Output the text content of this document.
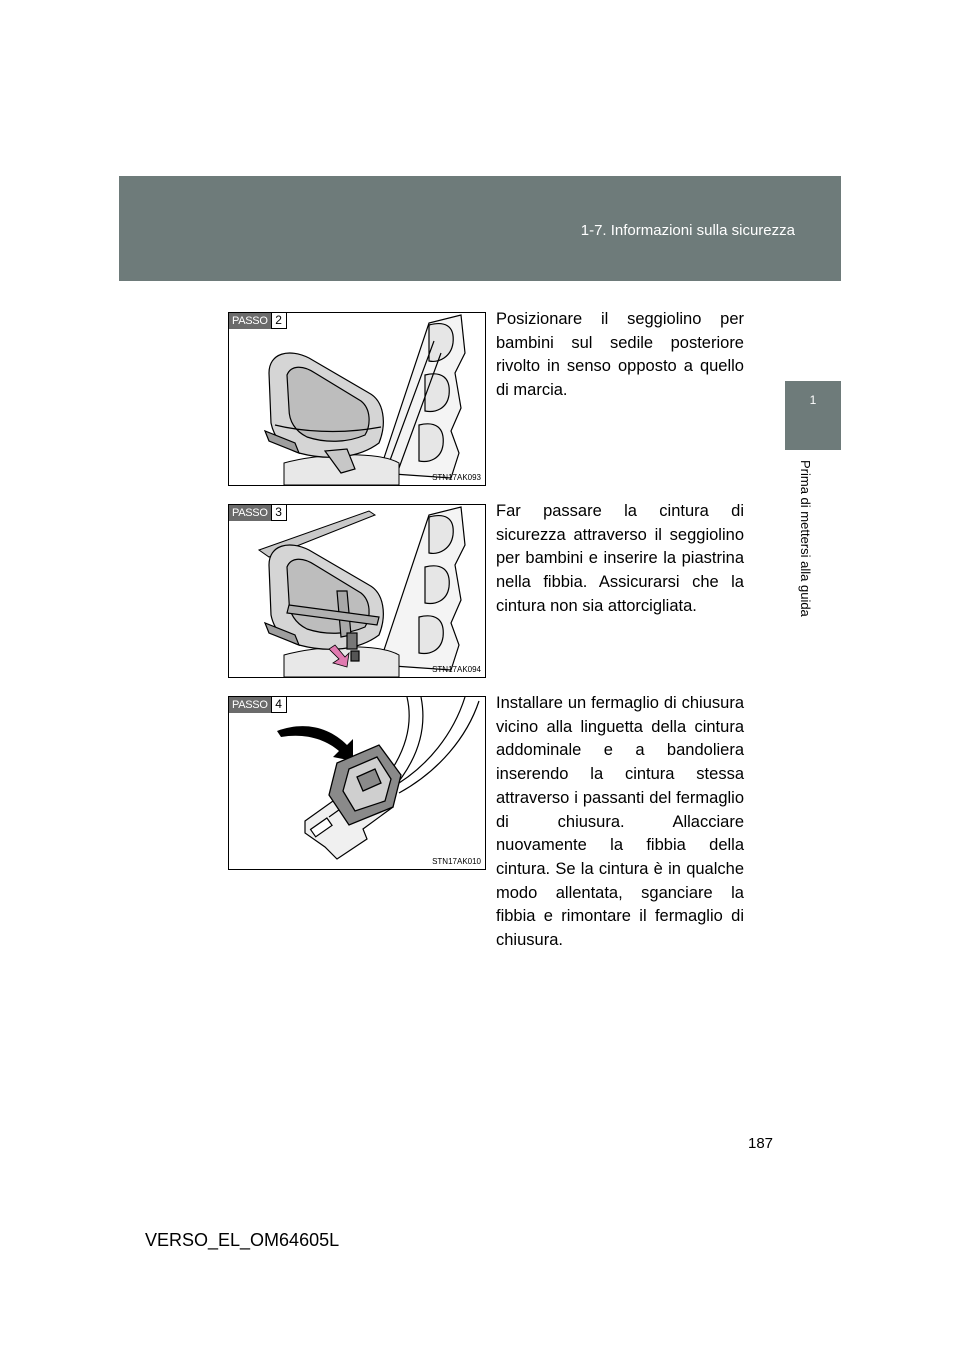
1-7. Informazioni sulla sicurezza
1
Prima di mettersi alla guida
PASSO 2
STN17AK093
Posizionare il seggiolino per bambini sul sedile posteriore rivolto in senso opposto a quello di marcia.
PASSO 3
STN17AK094
Far passare la cintura di sicurezza attraverso il seggiolino per bambini e inserire la piastrina nella fibbia. Assicurarsi che la cintura non sia attorcigliata.
PASSO 4
STN17AK010
Installare un fermaglio di chiusura vicino alla linguetta della cintura addominale e a bandoliera inserendo la cintura stessa attraverso i passanti del fermaglio di chiusura. Allacciare nuovamente la fibbia della cintura. Se la cintura è in qualche modo allentata, sganciare la fibbia e rimontare il fermaglio di chiusura.
187
VERSO_EL_OM64605L
